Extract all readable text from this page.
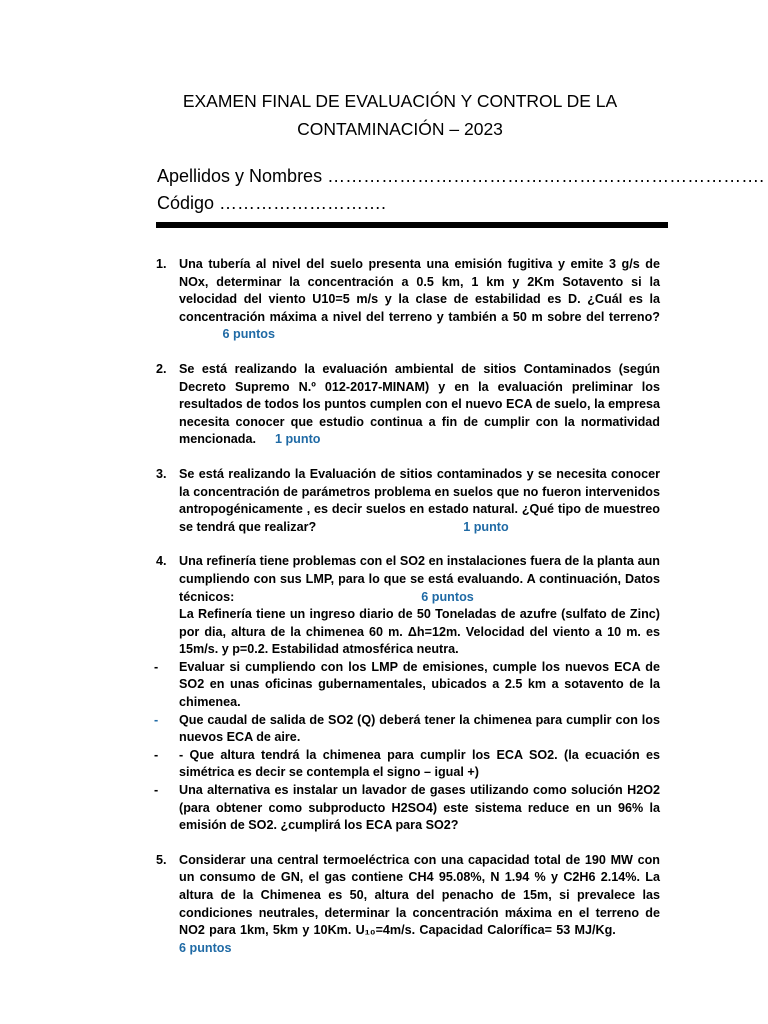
EXAMEN FINAL DE EVALUACIÓN Y CONTROL DE LA
CONTAMINACIÓN – 2023
Apellidos y Nombres ……………………………………………………………….
Código ……………………….
1. Una tubería al nivel del suelo presenta una emisión fugitiva y emite 3 g/s de NOx, determinar la concentración a 0.5 km, 1 km y 2Km Sotavento si la velocidad del viento U10=5 m/s y la clase de estabilidad es D. ¿Cuál es la concentración máxima a nivel del terreno y también a 50 m sobre del terreno?  6 puntos
2. Se está realizando la evaluación ambiental de sitios Contaminados (según Decreto Supremo N.º 012-2017-MINAM) y en la evaluación preliminar los resultados de todos los puntos cumplen con el nuevo ECA de suelo, la empresa necesita conocer que estudio continua a fin de cumplir con la normatividad mencionada. 1 punto
3. Se está realizando la Evaluación de sitios contaminados y se necesita conocer la concentración de parámetros problema en suelos que no fueron intervenidos antropogénicamente , es decir suelos en estado natural. ¿Qué tipo de muestreo se tendrá que realizar?	1 punto
4. Una refinería tiene problemas con el SO2 en instalaciones fuera de la planta aun cumpliendo con sus LMP, para lo que se está evaluando. A continuación, Datos técnicos:	6 puntos
La Refinería tiene un ingreso diario de 50 Toneladas de azufre (sulfato de Zinc) por dia, altura de la chimenea 60 m. Δh=12m. Velocidad del viento a 10 m. es 15m/s. y p=0.2. Estabilidad atmosférica neutra.
- Evaluar si cumpliendo con los LMP de emisiones, cumple los nuevos ECA de SO2 en unas oficinas gubernamentales, ubicados a 2.5 km a sotavento de la chimenea.
- Que caudal de salida de SO2 (Q) deberá tener la chimenea para cumplir con los nuevos ECA de aire.
- - Que altura tendrá la chimenea para cumplir los ECA SO2. (la ecuación es simétrica es decir se contempla el signo – igual +)
- Una alternativa es instalar un lavador de gases utilizando como solución H2O2 (para obtener como subproducto H2SO4) este sistema reduce en un 96% la emisión de SO2. ¿cumplirá los ECA para SO2?
5. Considerar una central termoeléctrica con una capacidad total de 190 MW con un consumo de GN, el gas contiene CH4 95.08%, N 1.94 % y C2H6 2.14%. La altura de la Chimenea es 50, altura del penacho de 15m, si prevalece las condiciones neutrales, determinar la concentración máxima en el terreno de NO2 para 1km, 5km y 10Km. U₁₀=4m/s. Capacidad Calorífica= 53 MJ/Kg.  6 puntos
